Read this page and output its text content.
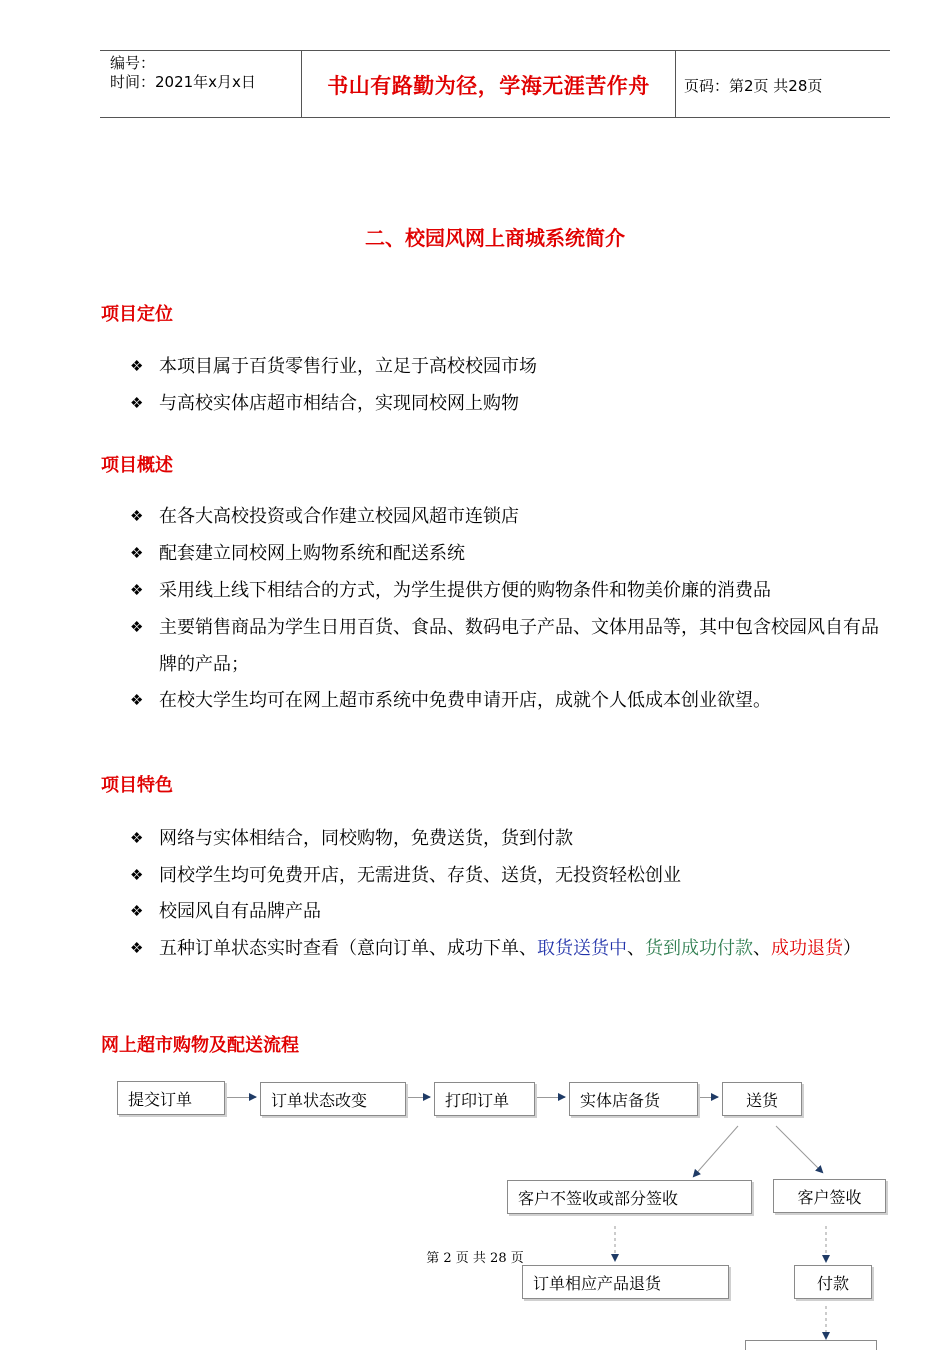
编号：
时间：2021年x月x日	书山有路勤为径，学海无涯苦作舟	页码：第2页 共28页
二、校园风网上商城系统简介
项目定位
❖ 本项目属于百货零售行业，立足于高校校园市场
❖ 与高校实体店超市相结合，实现同校网上购物
项目概述
❖ 在各大高校投资或合作建立校园风超市连锁店
❖ 配套建立同校网上购物系统和配送系统
❖ 采用线上线下相结合的方式，为学生提供方便的购物条件和物美价廉的消费品
❖ 主要销售商品为学生日用百货、食品、数码电子产品、文体用品等，其中包含校园风自有品牌的产品；
❖ 在校大学生均可在网上超市系统中免费申请开店，成就个人低成本创业欲望。
项目特色
❖ 网络与实体相结合，同校购物，免费送货，货到付款
❖ 同校学生均可免费开店，无需进货、存货、送货，无投资轻松创业
❖ 校园风自有品牌产品
❖ 五种订单状态实时查看（意向订单、成功下单、取货送货中、货到成功付款、成功退货）
网上超市购物及配送流程
提交订单	订单状态改变	打印订单	实体店备货	送货
客户不签收或部分签收	客户签收
订单相应产品退货	付款
第 2 页 共 28 页
